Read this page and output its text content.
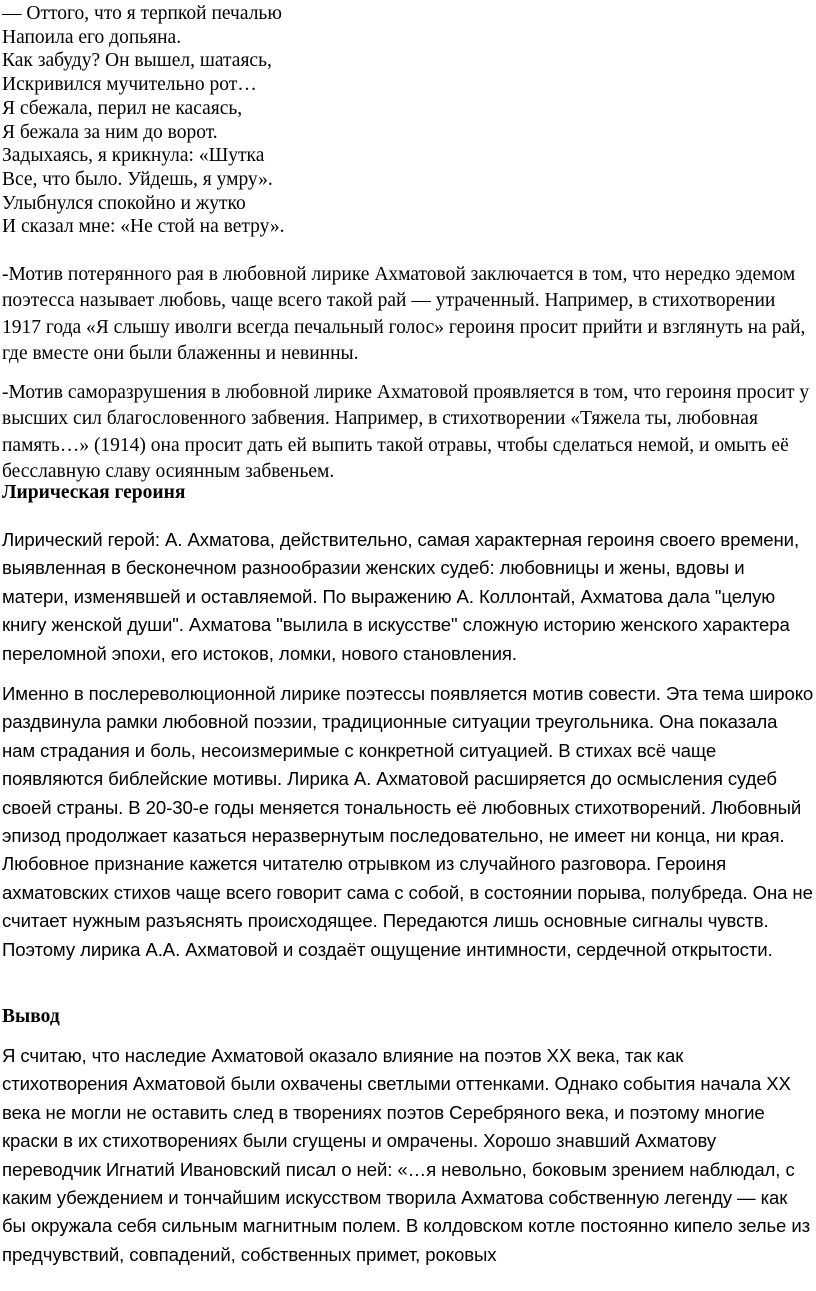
— Оттого, что я терпкой печалью
Напоила его допьяна.
Как забуду? Он вышел, шатаясь,
Искривился мучительно рот…
Я сбежала, перил не касаясь,
Я бежала за ним до ворот.
Задыхаясь, я крикнула: «Шутка
Все, что было. Уйдешь, я умру».
Улыбнулся спокойно и жутко
И сказал мне: «Не стой на ветру».

-Мотив потерянного рая в любовной лирике Ахматовой заключается в том, что нередко эдемом поэтесса называет любовь, чаще всего такой рай — утраченный. Например, в стихотворении 1917 года «Я слышу иволги всегда печальный голос» героиня просит прийти и взглянуть на рай, где вместе они были блаженны и невинны.

-Мотив саморазрушения в любовной лирике Ахматовой проявляется в том, что героиня просит у высших сил благословенного забвения. Например, в стихотворении «Тяжела ты, любовная память…» (1914) она просит дать ей выпить такой отравы, чтобы сделаться немой, и омыть её бесславную славу осиянным забвеньем.

Лирическая героиня

Лирический герой: А. Ахматова, действительно, самая характерная героиня своего времени, выявленная в бесконечном разнообразии женских судеб: любовницы и жены, вдовы и матери, изменявшей и оставляемой. По выражению А. Коллонтай, Ахматова дала "целую книгу женской души". Ахматова "вылила в искусстве" сложную историю женского характера переломной эпохи, его истоков, ломки, нового становления.

Именно в послереволюционной лирике поэтессы появляется мотив совести. Эта тема широко раздвинула рамки любовной поэзии, традиционные ситуации треугольника. Она показала нам страдания и боль, несоизмеримые с конкретной ситуацией. В стихах всё чаще появляются библейские мотивы. Лирика А. Ахматовой расширяется до осмысления судеб своей страны. В 20-30-е годы меняется тональность её любовных стихотворений. Любовный эпизод продолжает казаться неразвернутым последовательно, не имеет ни конца, ни края. Любовное признание кажется читателю отрывком из случайного разговора. Героиня ахматовских стихов чаще всего говорит сама с собой, в состоянии порыва, полубреда. Она не считает нужным разъяснять происходящее. Передаются лишь основные сигналы чувств. Поэтому лирика А.А. Ахматовой и создаёт ощущение интимности, сердечной открытости.

Вывод

Я считаю, что наследие Ахматовой оказало влияние на поэтов XX века, так как стихотворения Ахматовой были охвачены светлыми оттенками. Однако события начала XX века не могли не оставить след в творениях поэтов Серебряного века, и поэтому многие краски в их стихотворениях были сгущены и омрачены. Хорошо знавший Ахматову переводчик Игнатий Ивановский писал о ней: «…я невольно, боковым зрением наблюдал, с каким убеждением и тончайшим искусством творила Ахматова собственную легенду — как бы окружала себя сильным магнитным полем. В колдовском котле постоянно кипело зелье из предчувствий, совпадений, собственных примет, роковых
